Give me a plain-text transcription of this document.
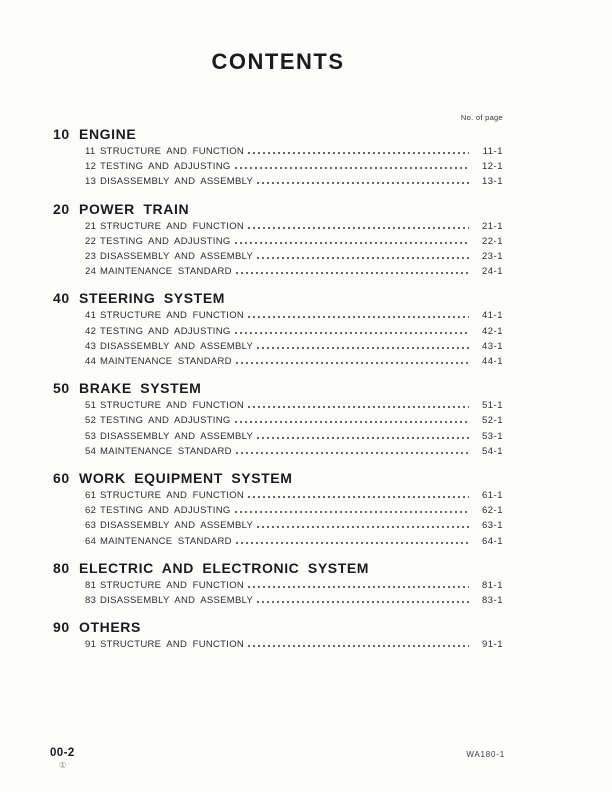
CONTENTS
No. of page
10 ENGINE
11 STRUCTURE AND FUNCTION	11-1
12 TESTING AND ADJUSTING	12-1
13 DISASSEMBLY AND ASSEMBLY	13-1
20 POWER TRAIN
21 STRUCTURE AND FUNCTION	21-1
22 TESTING AND ADJUSTING	22-1
23 DISASSEMBLY AND ASSEMBLY	23-1
24 MAINTENANCE STANDARD	24-1
40 STEERING SYSTEM
41 STRUCTURE AND FUNCTION	41-1
42 TESTING AND ADJUSTING	42-1
43 DISASSEMBLY AND ASSEMBLY	43-1
44 MAINTENANCE STANDARD	44-1
50 BRAKE SYSTEM
51 STRUCTURE AND FUNCTION	51-1
52 TESTING AND ADJUSTING	52-1
53 DISASSEMBLY AND ASSEMBLY	53-1
54 MAINTENANCE STANDARD	54-1
60 WORK EQUIPMENT SYSTEM
61 STRUCTURE AND FUNCTION	61-1
62 TESTING AND ADJUSTING	62-1
63 DISASSEMBLY AND ASSEMBLY	63-1
64 MAINTENANCE STANDARD	64-1
80 ELECTRIC AND ELECTRONIC SYSTEM
81 STRUCTURE AND FUNCTION	81-1
83 DISASSEMBLY AND ASSEMBLY	83-1
90 OTHERS
91 STRUCTURE AND FUNCTION	91-1
00-2
①
WA180-1
